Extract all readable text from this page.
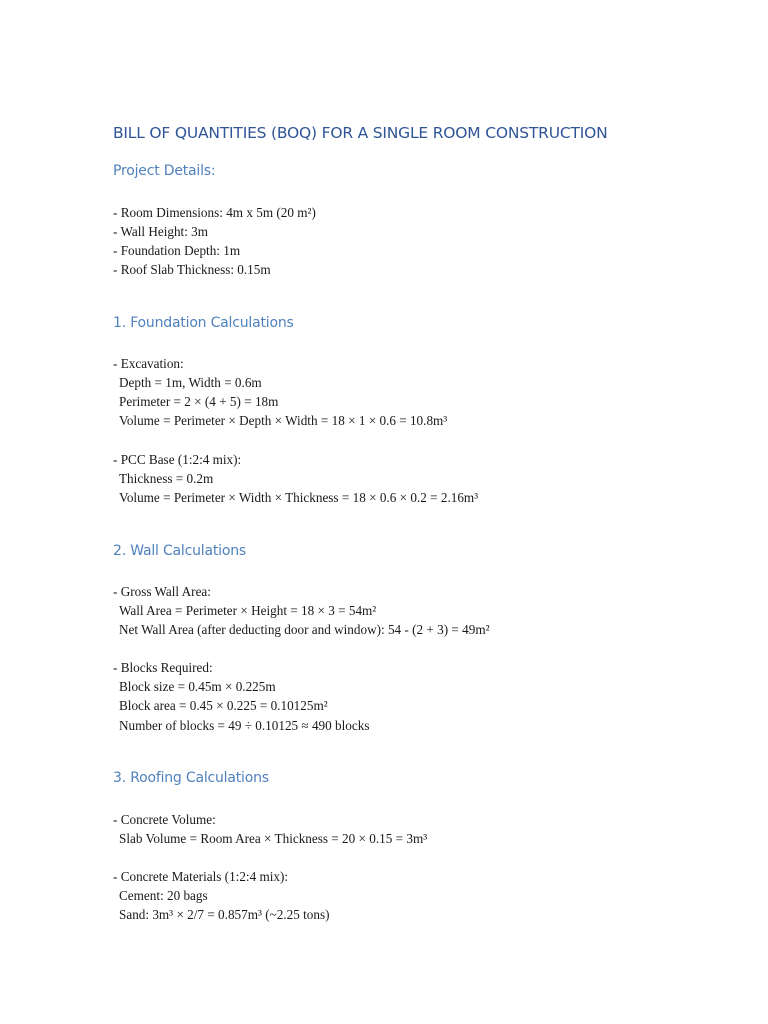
BILL OF QUANTITIES (BOQ) FOR A SINGLE ROOM CONSTRUCTION
Project Details:

- Room Dimensions: 4m x 5m (20 m²)

- Wall Height: 3m

- Foundation Depth: 1m

- Roof Slab Thickness: 0.15m

1. Foundation Calculations

- Excavation:

Depth = 1m, Width = 0.6m

Perimeter = 2 × (4 + 5) = 18m

Volume = Perimeter × Depth × Width = 18 × 1 × 0.6 = 10.8m³

- PCC Base (1:2:4 mix):

Thickness = 0.2m

Volume = Perimeter × Width × Thickness = 18 × 0.6 × 0.2 = 2.16m³

2. Wall Calculations

- Gross Wall Area:

Wall Area = Perimeter × Height = 18 × 3 = 54m²

Net Wall Area (after deducting door and window): 54 - (2 + 3) = 49m²

- Blocks Required:

Block size = 0.45m × 0.225m

Block area = 0.45 × 0.225 = 0.10125m²

Number of blocks = 49 ÷ 0.10125 ≈ 490 blocks

3. Roofing Calculations

- Concrete Volume:

Slab Volume = Room Area × Thickness = 20 × 0.15 = 3m³

- Concrete Materials (1:2:4 mix):

Cement: 20 bags

Sand: 3m³ × 2/7 = 0.857m³ (~2.25 tons)
